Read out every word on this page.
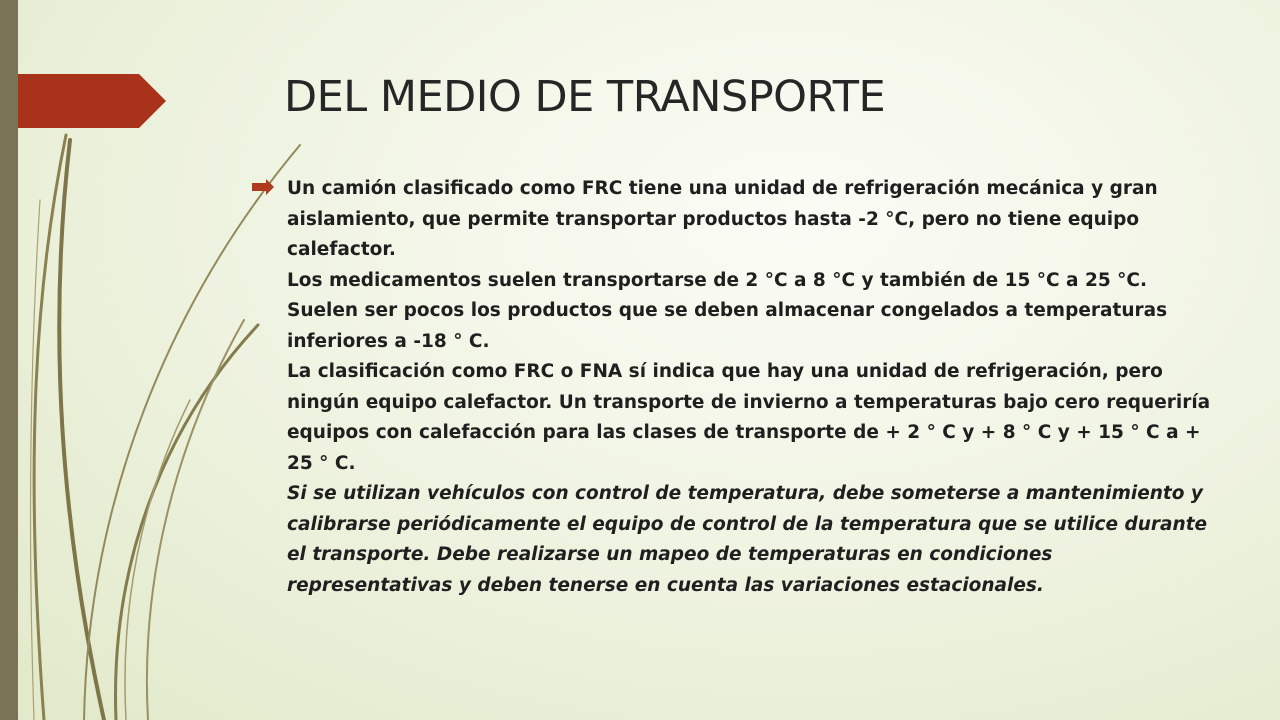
DEL MEDIO DE TRANSPORTE

Un camión clasificado como FRC tiene una unidad de refrigeración mecánica y gran aislamiento, que permite transportar productos hasta -2 °C, pero no tiene equipo calefactor.

Los medicamentos suelen transportarse de 2 °C a 8 °C y también de 15 °C a 25 °C. Suelen ser pocos los productos que se deben almacenar congelados a temperaturas inferiores a -18 ° C.

La clasificación como FRC o FNA sí indica que hay una unidad de refrigeración, pero ningún equipo calefactor. Un transporte de invierno a temperaturas bajo cero requeriría equipos con calefacción para las clases de transporte de + 2 ° C y + 8 ° C y + 15 ° C a + 25 ° C.

Si se utilizan vehículos con control de temperatura, debe someterse a mantenimiento y calibrarse periódicamente el equipo de control de la temperatura que se utilice durante el transporte. Debe realizarse un mapeo de temperaturas en condiciones representativas y deben tenerse en cuenta las variaciones estacionales.
